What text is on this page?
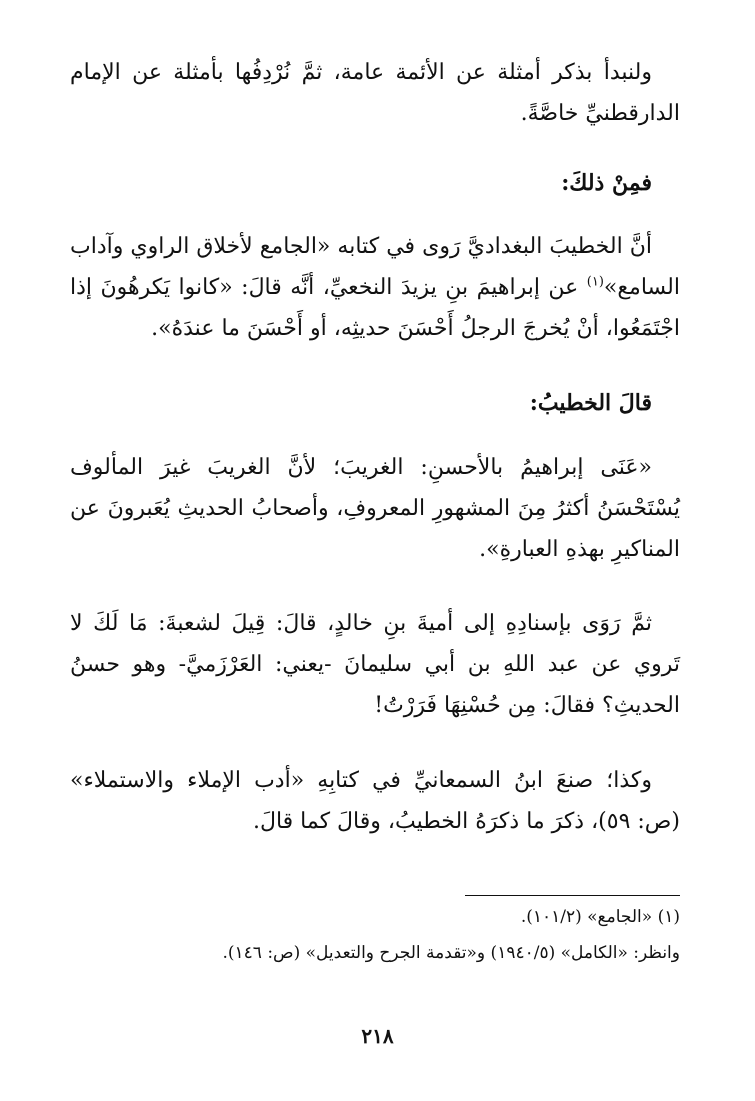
ولنبدأ بذكر أمثلة عن الأئمة عامة، ثمَّ نُرْدِفُها بأمثلة عن الإمام الدارقطنيِّ خاصَّةً.

فمِنْ ذلكَ:

أنَّ الخطيبَ البغداديَّ رَوى في كتابه «الجامع لأخلاق الراوي وآداب السامع»$^{(١)}$ عن إبراهيمَ بنِ يزيدَ النخعيِّ، أنَّه قالَ: «كانوا يَكرهُونَ إذا اجْتَمَعُوا، أنْ يُخرجَ الرجلُ أَحْسَنَ حديثِه، أو أَحْسَنَ ما عندَهُ».

قالَ الخطيبُ:

«عَنَى إبراهيمُ بالأحسنِ: الغريبَ؛ لأنَّ الغريبَ غيرَ المألوف يُسْتَحْسَنُ أكثرُ مِنَ المشهورِ المعروفِ، وأصحابُ الحديثِ يُعَبرونَ عن المناكيرِ بهذهِ العبارةِ».

ثمَّ رَوَى بإسنادِهِ إلى أميةَ بنِ خالدٍ، قالَ: قِيلَ لشعبةَ: مَا لَكَ لا تَروي عن عبد اللهِ بن أبي سليمانَ -يعني: العَرْزَميَّ- وهو حسنُ الحديثِ؟ فقالَ: مِن حُسْنِهَا فَرَرْتُ!

وكذا؛ صنعَ ابنُ السمعانيِّ في كتابِهِ «أدب الإملاء والاستملاء» (ص: ٥٩)، ذكرَ ما ذكرَهُ الخطيبُ، وقالَ كما قالَ.

(١) «الجامع» (١٠١/٢).

وانظر: «الكامل» (١٩٤٠/٥) و«تقدمة الجرح والتعديل» (ص: ١٤٦).

٢١٨
